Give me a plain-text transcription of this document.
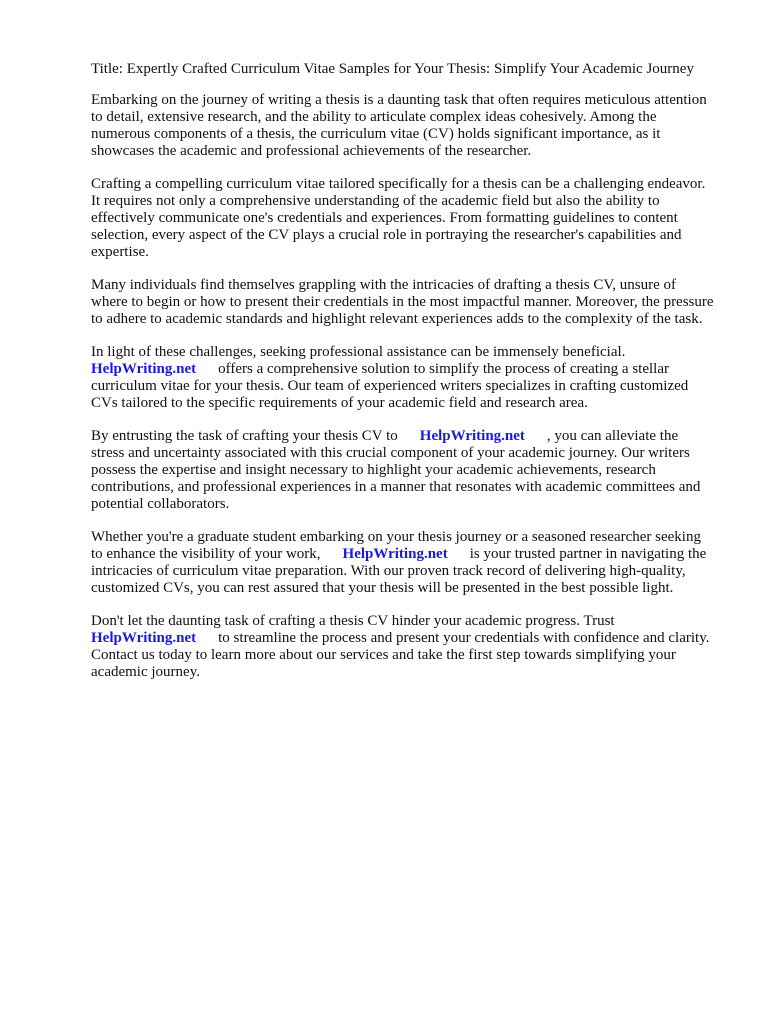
Title: Expertly Crafted Curriculum Vitae Samples for Your Thesis: Simplify Your Academic Journey

Embarking on the journey of writing a thesis is a daunting task that often requires meticulous attention to detail, extensive research, and the ability to articulate complex ideas cohesively. Among the numerous components of a thesis, the curriculum vitae (CV) holds significant importance, as it showcases the academic and professional achievements of the researcher.

Crafting a compelling curriculum vitae tailored specifically for a thesis can be a challenging endeavor. It requires not only a comprehensive understanding of the academic field but also the ability to effectively communicate one's credentials and experiences. From formatting guidelines to content selection, every aspect of the CV plays a crucial role in portraying the researcher's capabilities and expertise.

Many individuals find themselves grappling with the intricacies of drafting a thesis CV, unsure of where to begin or how to present their credentials in the most impactful manner. Moreover, the pressure to adhere to academic standards and highlight relevant experiences adds to the complexity of the task.

In light of these challenges, seeking professional assistance can be immensely beneficial.
HelpWriting.net offers a comprehensive solution to simplify the process of creating a stellar curriculum vitae for your thesis. Our team of experienced writers specializes in crafting customized CVs tailored to the specific requirements of your academic field and research area.

By entrusting the task of crafting your thesis CV to HelpWriting.net , you can alleviate the stress and uncertainty associated with this crucial component of your academic journey. Our writers possess the expertise and insight necessary to highlight your academic achievements, research contributions, and professional experiences in a manner that resonates with academic committees and potential collaborators.

Whether you're a graduate student embarking on your thesis journey or a seasoned researcher seeking to enhance the visibility of your work, HelpWriting.net is your trusted partner in navigating the intricacies of curriculum vitae preparation. With our proven track record of delivering high-quality, customized CVs, you can rest assured that your thesis will be presented in the best possible light.

Don't let the daunting task of crafting a thesis CV hinder your academic progress. Trust
HelpWriting.net to streamline the process and present your credentials with confidence and clarity. Contact us today to learn more about our services and take the first step towards simplifying your academic journey.
